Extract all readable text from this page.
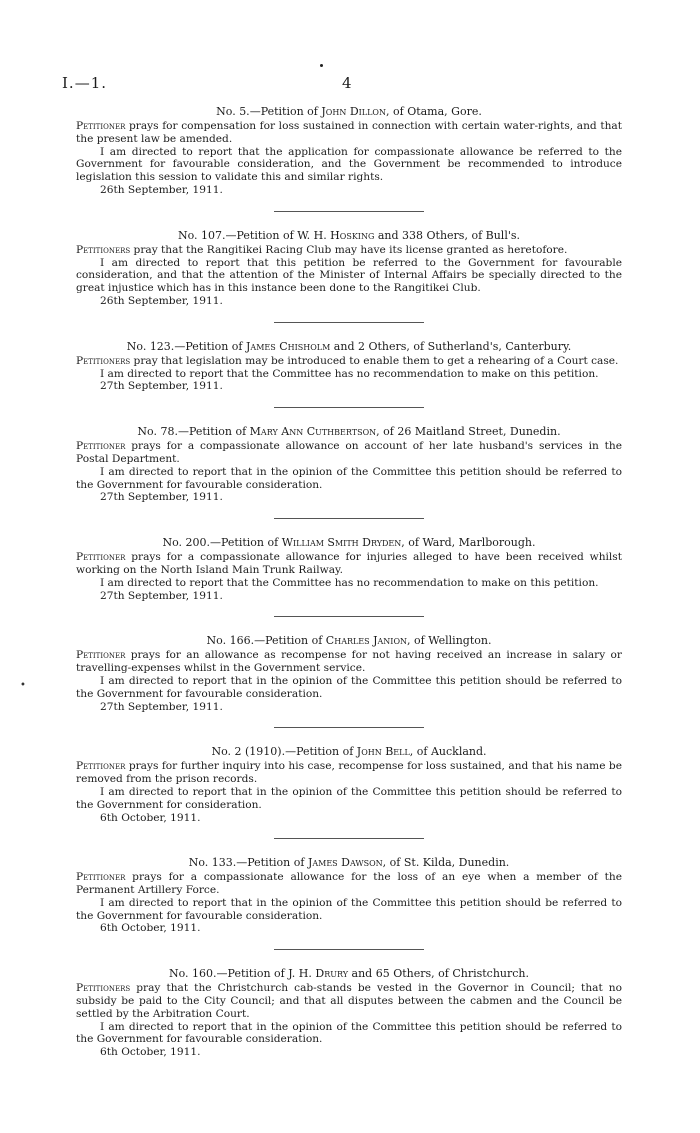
I.—1.	4
•
No. 5.—Petition of John Dillon, of Otama, Gore.

Petitioner prays for compensation for loss sustained in connection with certain water-rights, and that the present law be amended.

I am directed to report that the application for compassionate allowance be referred to the Government for favourable consideration, and the Government be recommended to introduce legislation this session to validate this and similar rights.

26th September, 1911.

No. 107.—Petition of W. H. Hosking and 338 Others, of Bull's.

Petitioners pray that the Rangitikei Racing Club may have its license granted as heretofore.

I am directed to report that this petition be referred to the Government for favourable consideration, and that the attention of the Minister of Internal Affairs be specially directed to the great injustice which has in this instance been done to the Rangitikei Club.

26th September, 1911.

No. 123.—Petition of James Chisholm and 2 Others, of Sutherland's, Canterbury.

Petitioners pray that legislation may be introduced to enable them to get a rehearing of a Court case.

I am directed to report that the Committee has no recommendation to make on this petition.

27th September, 1911.

No. 78.—Petition of Mary Ann Cuthbertson, of 26 Maitland Street, Dunedin.

Petitioner prays for a compassionate allowance on account of her late husband's services in the Postal Department.

I am directed to report that in the opinion of the Committee this petition should be referred to the Government for favourable consideration.

27th September, 1911.

No. 200.—Petition of William Smith Dryden, of Ward, Marlborough.

Petitioner prays for a compassionate allowance for injuries alleged to have been received whilst working on the North Island Main Trunk Railway.

I am directed to report that the Committee has no recommendation to make on this petition.

27th September, 1911.

No. 166.—Petition of Charles Janion, of Wellington.

Petitioner prays for an allowance as recompense for not having received an increase in salary or travelling-expenses whilst in the Government service.

I am directed to report that in the opinion of the Committee this petition should be referred to the Government for favourable consideration.

27th September, 1911.

No. 2 (1910).—Petition of John Bell, of Auckland.

Petitioner prays for further inquiry into his case, recompense for loss sustained, and that his name be removed from the prison records.

I am directed to report that in the opinion of the Committee this petition should be referred to the Government for consideration.

6th October, 1911.

No. 133.—Petition of James Dawson, of St. Kilda, Dunedin.

Petitioner prays for a compassionate allowance for the loss of an eye when a member of the Permanent Artillery Force.

I am directed to report that in the opinion of the Committee this petition should be referred to the Government for favourable consideration.

6th October, 1911.

No. 160.—Petition of J. H. Drury and 65 Others, of Christchurch.

Petitioners pray that the Christchurch cab-stands be vested in the Governor in Council; that no subsidy be paid to the City Council; and that all disputes between the cabmen and the Council be settled by the Arbitration Court.

I am directed to report that in the opinion of the Committee this petition should be referred to the Government for favourable consideration.

6th October, 1911.
